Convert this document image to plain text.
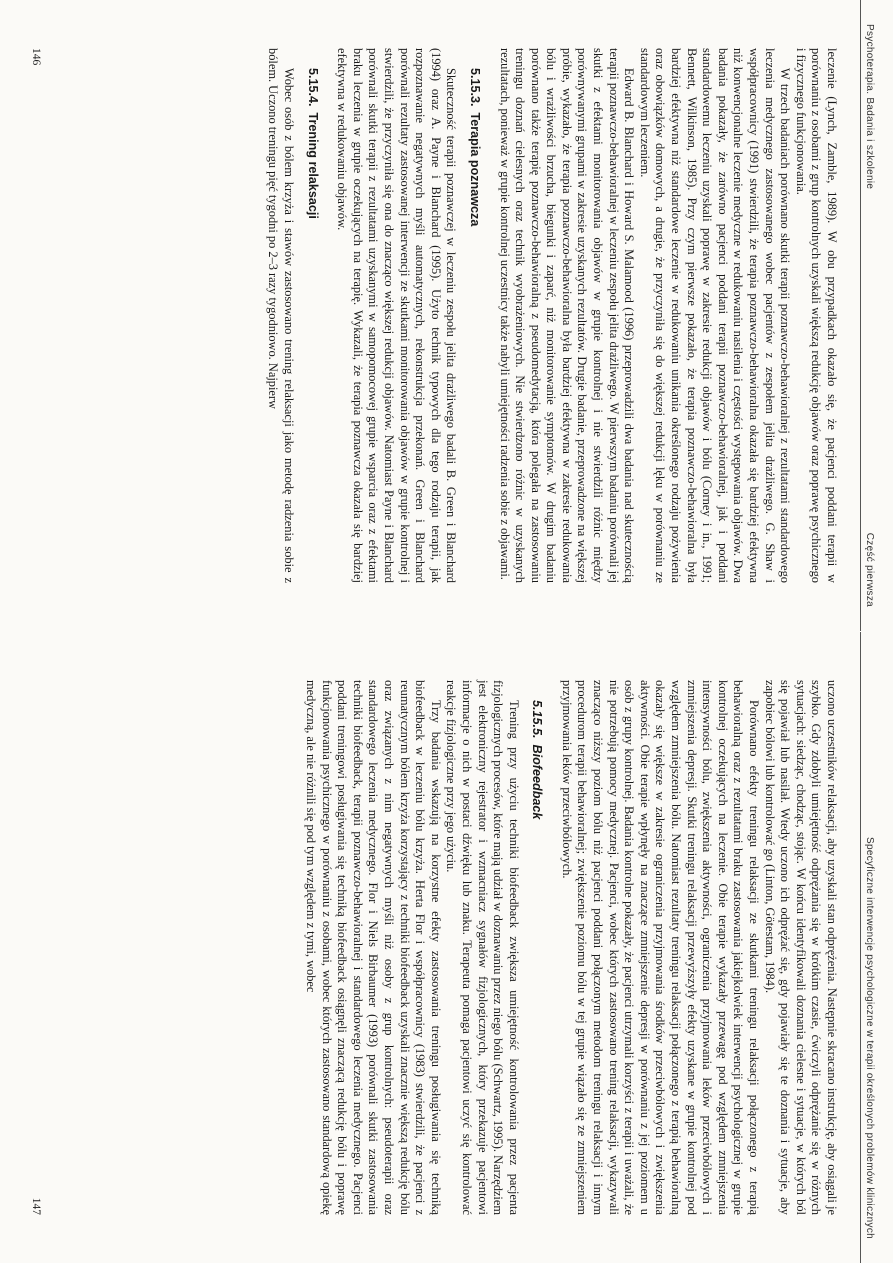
Psychoterapia. Badania i szkolenie
Część pierwsza

leczenie (Lynch, Zamble, 1989). W obu przypadkach okazało się, że pacjenci poddani terapii w porównaniu z osobami z grup kontrolnych uzyskali większą redukcję objawów oraz poprawę psychicznego i fizycznego funkcjonowania.

W trzech badaniach porównano skutki terapii poznawczo-behawioralnej z rezultatami standardowego leczenia medycznego zastosowanego wobec pacjentów z zespołem jelita drażliwego. G. Shaw i współpracownicy (1991) stwierdzili, że terapia poznawczo-behawioralna okazała się bardziej efektywna niż konwencjonalne leczenie medyczne w redukowaniu nasilenia i częstości występowania objawów. Dwa badania pokazały, że zarówno pacjenci poddani terapii poznawczo-behawioralnej, jak i poddani standardowemu leczeniu uzyskali poprawę w zakresie redukcji objawów i bólu (Corney i in., 1991; Bennett, Wilkinson, 1985). Przy czym pierwsze pokazało, że terapia poznawczo-behawioralna była bardziej efektywna niż standardowe leczenie w redukowaniu unikania określonego rodzaju pożywienia oraz obowiązków domowych, a drugie, że przyczyniła się do większej redukcji lęku w porównaniu ze standardowym leczeniem.

Edward B. Blanchard i Howard S. Malamood (1996) przeprowadzili dwa badania nad skutecznością terapii poznawczo-behawioralnej w leczeniu zespołu jelita drażliwego. W pierwszym badaniu porównali jej skutki z efektami monitorowania objawów w grupie kontrolnej i nie stwierdzili różnic między porównywanymi grupami w zakresie uzyskanych rezultatów. Drugie badanie, przeprowadzone na większej próbie, wykazało, że terapia poznawczo-behawioralna była bardziej efektywna w zakresie redukowania bólu i wrażliwości brzucha, biegunki i zaparć, niż monitorowanie symptomów. W drugim badaniu porównano także terapię poznawczo-behawioralną z pseudomedytacją, która polegała na zastosowaniu treningu doznań cielesnych oraz technik wyobrażeniowych. Nie stwierdzono różnic w uzyskanych rezultatach, ponieważ w grupie kontrolnej uczestnicy także nabyli umiejętności radzenia sobie z objawami.

5.15.3.Terapia poznawcza

Skuteczność terapii poznawczej w leczeniu zespołu jelita drażliwego badali B. Green i Blanchard (1994) oraz A. Payne i Blanchard (1995). Użyto technik typowych dla tego rodzaju terapii, jak rozpoznawanie negatywnych myśli automatycznych, rekonstrukcja przekonań. Green i Blanchard porównali rezultaty zastosowanej interwencji ze skutkami monitorowania objawów w grupie kontrolnej i stwierdzili, że przyczyniła się ona do znacząco większej redukcji objawów. Natomiast Payne i Blanchard porównali skutki terapii z rezultatami uzyskanymi w samopomocowej grupie wsparcia oraz z efektami braku leczenia w grupie oczekujących na terapię. Wykazali, że terapia poznawcza okazała się bardziej efektywna w redukowaniu objawów.

5.15.4.Trening relaksacji

Wobec osób z bólem krzyża i stawów zastosowano trening relaksacji jako metodę radzenia sobie z bólem. Uczono treningu pięć tygodni po 2–3 razy tygodniowo. Najpierw

146
Specyficzne interwencje psychologiczne w terapii określonych problemów klinicznych

uczono uczestników relaksacji, aby uzyskali stan odprężenia. Następnie skracano instrukcję, aby osiągali je szybko. Gdy zdobyli umiejętność odprężania się w krótkim czasie, ćwiczyli odprężanie się w różnych sytuacjach: siedząc, chodząc, stojąc. W końcu identyfikowali doznania cielesne i sytuacje, w których ból się pojawiał lub nasilał. Wtedy uczono ich odprężać się, gdy pojawiały się te doznania i sytuacje, aby zapobiec bólowi lub kontrolować go (Linton, Götestam, 1984).

Porównano efekty treningu relaksacji ze skutkami treningu relaksacji połączonego z terapią behawioralną oraz z rezultatami braku zastosowania jakiejkolwiek interwencji psychologicznej w grupie kontrolnej oczekujących na leczenie. Obie terapie wykazały przewagę pod względem zmniejszenia intensywności bólu, zwiększenia aktywności, ograniczenia przyjmowania leków przeciwbólowych i zmniejszenia depresji. Skutki treningu relaksacji przewyższyły efekty uzyskane w grupie kontrolnej pod względem zmniejszenia bólu. Natomiast rezultaty treningu relaksacji połączonego z terapią behawioralną okazały się większe w zakresie ograniczenia przyjmowania środków przeciwbólowych i zwiększenia aktywności. Obie terapie wpłynęły na znaczące zmniejszenie depresji w porównaniu z jej poziomem u osób z grupy kontrolnej. Badania kontrolne pokazały, że pacjenci utrzymali korzyści z terapii i uważali, że nie potrzebują pomocy medycznej. Pacjenci, wobec których zastosowano trening relaksacji, wykazywali znacząco niższy poziom bólu niż pacjenci poddani połączonym metodom treningu relaksacji i innym procedurom terapii behawioralnej; zwiększenie poziomu bólu w tej grupie wiązało się ze zmniejszeniem przyjmowania leków przeciwbólowych.

5.15.5.Biofeedback

Trening przy użyciu techniki biofeedback zwiększa umiejętność kontrolowania przez pacjenta fizjologicznych procesów, które mają udział w doznawaniu przez niego bólu (Schwartz, 1995). Narzędziem jest elektroniczny rejestrator i wzmacniacz sygnałów fizjologicznych, który przekazuje pacjentowi informacje o nich w postaci dźwięku lub znaku. Terapeuta pomaga pacjentowi uczyć się kontrolować reakcje fizjologiczne przy jego użyciu.

Trzy badania wskazują na korzystne efekty zastosowania treningu posługiwania się techniką biofeedback w leczeniu bólu krzyża. Herta Flor i współpracownicy (1983) stwierdzili, że pacjenci z reumatycznym bólem krzyża korzystający z techniki biofeedback uzyskali znacznie większą redukcję bólu oraz związanych z nim negatywnych myśli niż osoby z grup kontrolnych: pseudoterapii oraz standardowego leczenia medycznego. Flor i Niels Birbaumer (1993) porównali skutki zastosowania techniki biofeedback, terapii poznawczo-behawioralnej i standardowego leczenia medycznego. Pacjenci poddani treningowi posługiwania się techniką biofeedback osiągnęli znaczącą redukcję bólu i poprawę funkcjonowania psychicznego w porównaniu z osobami, wobec których zastosowano standardową opiekę medyczną, ale nie różnili się pod tym względem z tymi, wobec

147
